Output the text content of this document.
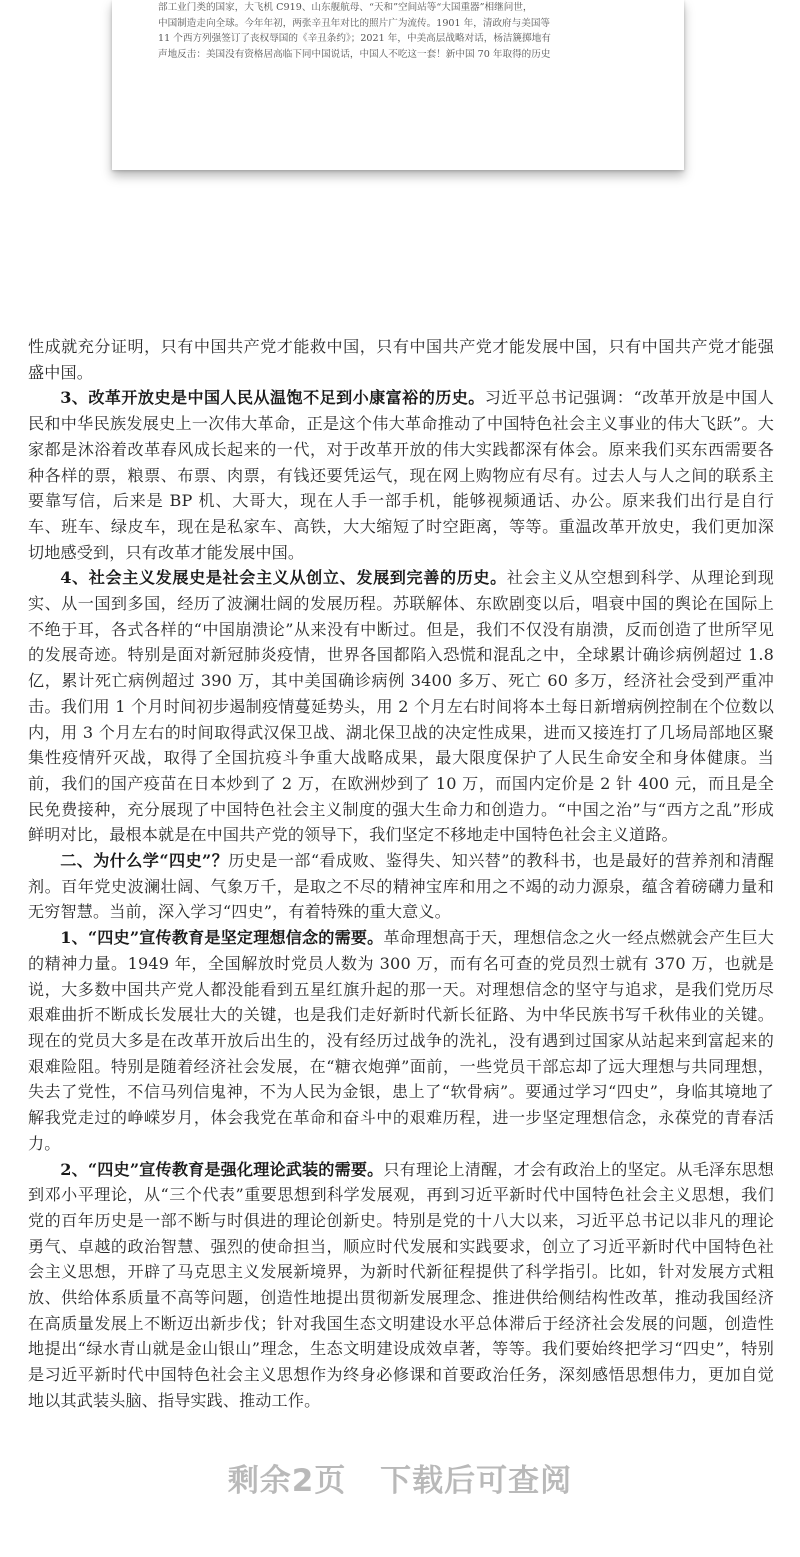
部工业门类的国家，大飞机 C919、山东舰航母、“天和”空间站等“大国重器”相继问世，
中国制造走向全球。今年年初，两张辛丑年对比的照片广为流传。1901 年，清政府与美国等
11 个西方列强签订了丧权辱国的《辛丑条约》；2021 年，中美高层战略对话，杨洁篪掷地有
声地反击：美国没有资格居高临下同中国说话，中国人不吃这一套！新中国 70 年取得的历史

性成就充分证明，只有中国共产党才能救中国，只有中国共产党才能发展中国，只有中国共产党才能强盛中国。

3、改革开放史是中国人民从温饱不足到小康富裕的历史。习近平总书记强调：“改革开放是中国人民和中华民族发展史上一次伟大革命，正是这个伟大革命推动了中国特色社会主义事业的伟大飞跃”。大家都是沐浴着改革春风成长起来的一代，对于改革开放的伟大实践都深有体会。原来我们买东西需要各种各样的票，粮票、布票、肉票，有钱还要凭运气，现在网上购物应有尽有。过去人与人之间的联系主要靠写信，后来是 BP 机、大哥大，现在人手一部手机，能够视频通话、办公。原来我们出行是自行车、班车、绿皮车，现在是私家车、高铁，大大缩短了时空距离，等等。重温改革开放史，我们更加深切地感受到，只有改革才能发展中国。

4、社会主义发展史是社会主义从创立、发展到完善的历史。社会主义从空想到科学、从理论到现实、从一国到多国，经历了波澜壮阔的发展历程。苏联解体、东欧剧变以后，唱衰中国的舆论在国际上不绝于耳，各式各样的“中国崩溃论”从来没有中断过。但是，我们不仅没有崩溃，反而创造了世所罕见的发展奇迹。特别是面对新冠肺炎疫情，世界各国都陷入恐慌和混乱之中，全球累计确诊病例超过 1.8 亿，累计死亡病例超过 390 万，其中美国确诊病例 3400 多万、死亡 60 多万，经济社会受到严重冲击。我们用 1 个月时间初步遏制疫情蔓延势头，用 2 个月左右时间将本土每日新增病例控制在个位数以内，用 3 个月左右的时间取得武汉保卫战、湖北保卫战的决定性成果，进而又接连打了几场局部地区聚集性疫情歼灭战，取得了全国抗疫斗争重大战略成果，最大限度保护了人民生命安全和身体健康。当前，我们的国产疫苗在日本炒到了 2 万，在欧洲炒到了 10 万，而国内定价是 2 针 400 元，而且是全民免费接种，充分展现了中国特色社会主义制度的强大生命力和创造力。“中国之治”与“西方之乱”形成鲜明对比，最根本就是在中国共产党的领导下，我们坚定不移地走中国特色社会主义道路。

二、为什么学“四史”？历史是一部“看成败、鉴得失、知兴替”的教科书，也是最好的营养剂和清醒剂。百年党史波澜壮阔、气象万千，是取之不尽的精神宝库和用之不竭的动力源泉，蕴含着磅礴力量和无穷智慧。当前，深入学习“四史”，有着特殊的重大意义。

1、“四史”宣传教育是坚定理想信念的需要。革命理想高于天，理想信念之火一经点燃就会产生巨大的精神力量。1949 年，全国解放时党员人数为 300 万，而有名可查的党员烈士就有 370 万，也就是说，大多数中国共产党人都没能看到五星红旗升起的那一天。对理想信念的坚守与追求，是我们党历尽艰难曲折不断成长发展壮大的关键，也是我们走好新时代新长征路、为中华民族书写千秋伟业的关键。现在的党员大多是在改革开放后出生的，没有经历过战争的洗礼，没有遇到过国家从站起来到富起来的艰难险阻。特别是随着经济社会发展，在“糖衣炮弹”面前，一些党员干部忘却了远大理想与共同理想，失去了党性，不信马列信鬼神，不为人民为金银，患上了“软骨病”。要通过学习“四史”，身临其境地了解我党走过的峥嵘岁月，体会我党在革命和奋斗中的艰难历程，进一步坚定理想信念，永葆党的青春活力。

2、“四史”宣传教育是强化理论武装的需要。只有理论上清醒，才会有政治上的坚定。从毛泽东思想到邓小平理论，从“三个代表”重要思想到科学发展观，再到习近平新时代中国特色社会主义思想，我们党的百年历史是一部不断与时俱进的理论创新史。特别是党的十八大以来，习近平总书记以非凡的理论勇气、卓越的政治智慧、强烈的使命担当，顺应时代发展和实践要求，创立了习近平新时代中国特色社会主义思想，开辟了马克思主义发展新境界，为新时代新征程提供了科学指引。比如，针对发展方式粗放、供给体系质量不高等问题，创造性地提出贯彻新发展理念、推进供给侧结构性改革，推动我国经济在高质量发展上不断迈出新步伐；针对我国生态文明建设水平总体滞后于经济社会发展的问题，创造性地提出“绿水青山就是金山银山”理念，生态文明建设成效卓著，等等。我们要始终把学习“四史”，特别是习近平新时代中国特色社会主义思想作为终身必修课和首要政治任务，深刻感悟思想伟力，更加自觉地以其武装头脑、指导实践、推动工作。

剩余2页 下载后可查阅
